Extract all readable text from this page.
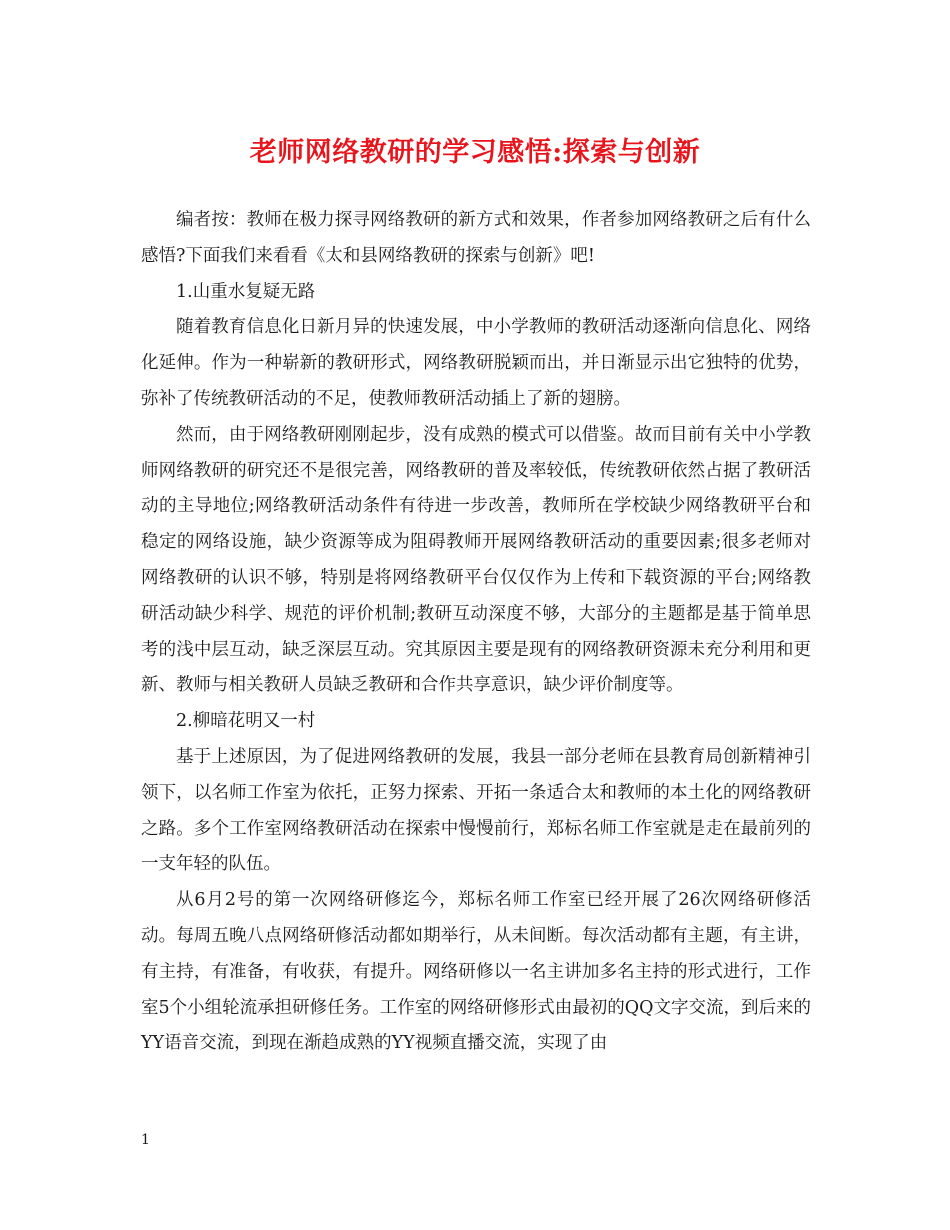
老师网络教研的学习感悟:探索与创新

编者按：教师在极力探寻网络教研的新方式和效果，作者参加网络教研之后有什么感悟?下面我们来看看《太和县网络教研的探索与创新》吧!

1.山重水复疑无路

随着教育信息化日新月异的快速发展，中小学教师的教研活动逐渐向信息化、网络化延伸。作为一种崭新的教研形式，网络教研脱颖而出，并日渐显示出它独特的优势，弥补了传统教研活动的不足，使教师教研活动插上了新的翅膀。

然而，由于网络教研刚刚起步，没有成熟的模式可以借鉴。故而目前有关中小学教师网络教研的研究还不是很完善，网络教研的普及率较低，传统教研依然占据了教研活动的主导地位;网络教研活动条件有待进一步改善，教师所在学校缺少网络教研平台和稳定的网络设施，缺少资源等成为阻碍教师开展网络教研活动的重要因素;很多老师对网络教研的认识不够，特别是将网络教研平台仅仅作为上传和下载资源的平台;网络教研活动缺少科学、规范的评价机制;教研互动深度不够，大部分的主题都是基于简单思考的浅中层互动，缺乏深层互动。究其原因主要是现有的网络教研资源未充分利用和更新、教师与相关教研人员缺乏教研和合作共享意识，缺少评价制度等。

2.柳暗花明又一村

基于上述原因，为了促进网络教研的发展，我县一部分老师在县教育局创新精神引领下，以名师工作室为依托，正努力探索、开拓一条适合太和教师的本土化的网络教研之路。多个工作室网络教研活动在探索中慢慢前行，郑标名师工作室就是走在最前列的一支年轻的队伍。

从6月2号的第一次网络研修迄今，郑标名师工作室已经开展了26次网络研修活动。每周五晚八点网络研修活动都如期举行，从未间断。每次活动都有主题，有主讲，有主持，有准备，有收获，有提升。网络研修以一名主讲加多名主持的形式进行，工作室5个小组轮流承担研修任务。工作室的网络研修形式由最初的QQ文字交流，到后来的YY语音交流，到现在渐趋成熟的YY视频直播交流，实现了由

1
